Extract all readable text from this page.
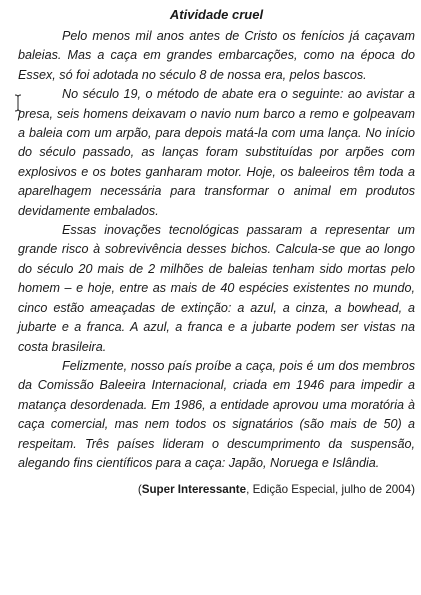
Atividade cruel

Pelo menos mil anos antes de Cristo os fenícios já caçavam baleias. Mas a caça em grandes embarcações, como na época do Essex, só foi adotada no século 8 de nossa era, pelos bascos.

No século 19, o método de abate era o seguinte: ao avistar a presa, seis homens deixavam o navio num barco a remo e golpeavam a baleia com um arpão, para depois matá-la com uma lança. No início do século passado, as lanças foram substituídas por arpões com explosivos e os botes ganharam motor. Hoje, os baleeiros têm toda a aparelhagem necessária para transformar o animal em produtos devidamente embalados.

Essas inovações tecnológicas passaram a representar um grande risco à sobrevivência desses bichos. Calcula-se que ao longo do século 20 mais de 2 milhões de baleias tenham sido mortas pelo homem – e hoje, entre as mais de 40 espécies existentes no mundo, cinco estão ameaçadas de extinção: a azul, a cinza, a bowhead, a jubarte e a franca. A azul, a franca e a jubarte podem ser vistas na costa brasileira.

Felizmente, nosso país proíbe a caça, pois é um dos membros da Comissão Baleeira Internacional, criada em 1946 para impedir a matança desordenada. Em 1986, a entidade aprovou uma moratória à caça comercial, mas nem todos os signatários (são mais de 50) a respeitam. Três países lideram o descumprimento da suspensão, alegando fins científicos para a caça: Japão, Noruega e Islândia.

(Super Interessante, Edição Especial, julho de 2004)
